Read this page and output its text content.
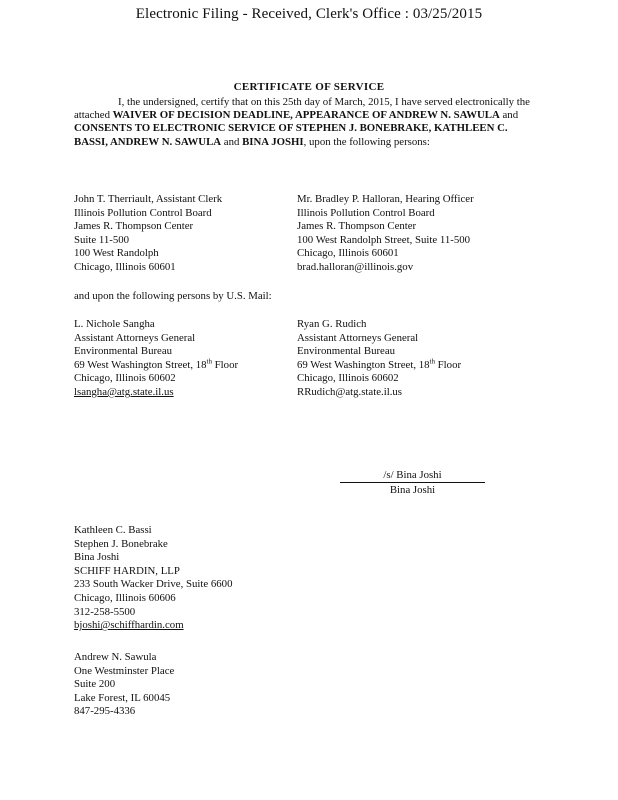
Electronic Filing - Received, Clerk's Office : 03/25/2015
CERTIFICATE OF SERVICE
I, the undersigned, certify that on this 25th day of March, 2015, I have served electronically the attached WAIVER OF DECISION DEADLINE, APPEARANCE OF ANDREW N. SAWULA and CONSENTS TO ELECTRONIC SERVICE OF STEPHEN J. BONEBRAKE, KATHLEEN C. BASSI, ANDREW N. SAWULA and BINA JOSHI, upon the following persons:
John T. Therriault, Assistant Clerk
Illinois Pollution Control Board
James R. Thompson Center
Suite 11-500
100 West Randolph
Chicago, Illinois 60601
Mr. Bradley P. Halloran, Hearing Officer
Illinois Pollution Control Board
James R. Thompson Center
100 West Randolph Street, Suite 11-500
Chicago, Illinois 60601
brad.halloran@illinois.gov
and upon the following persons by U.S. Mail:
L. Nichole Sangha
Assistant Attorneys General
Environmental Bureau
69 West Washington Street, 18th Floor
Chicago, Illinois 60602
lsangha@atg.state.il.us
Ryan G. Rudich
Assistant Attorneys General
Environmental Bureau
69 West Washington Street, 18th Floor
Chicago, Illinois 60602
RRudich@atg.state.il.us
/s/ Bina Joshi
Bina Joshi
Kathleen C. Bassi
Stephen J. Bonebrake
Bina Joshi
SCHIFF HARDIN, LLP
233 South Wacker Drive, Suite 6600
Chicago, Illinois 60606
312-258-5500
bjoshi@schiffhardin.com
Andrew N. Sawula
One Westminster Place
Suite 200
Lake Forest, IL 60045
847-295-4336
